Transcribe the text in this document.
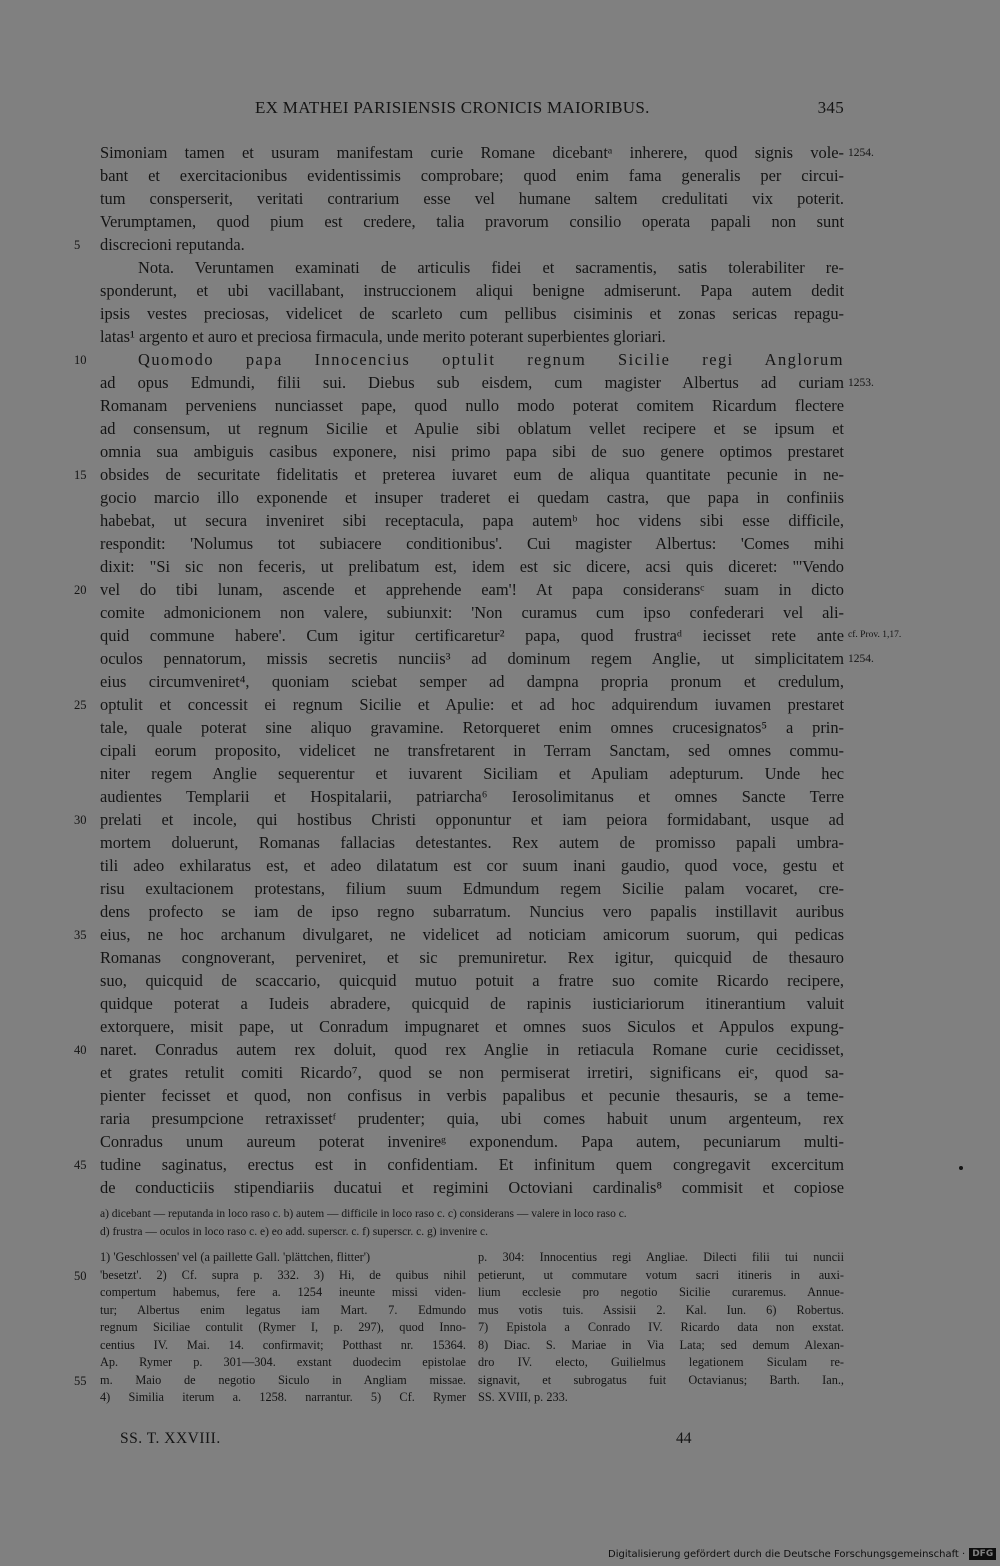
EX MATHEI PARISIENSIS CRONICIS MAIORIBUS.	345
Simoniam tamen et usuram manifestam curie Romane dicebantᵃ inherere, quod signis vole-
bant et exercitacionibus evidentissimis comprobare; quod enim fama generalis per circui-
tum consperserit, veritati contrarium esse vel humane saltem credulitati vix poterit.
Verumptamen, quod pium est credere, talia pravorum consilio operata papali non sunt
discrecioni reputanda.
Nota. Veruntamen examinati de articulis fidei et sacramentis, satis tolerabiliter re-
sponderunt, et ubi vacillabant, instruccionem aliqui benigne admiserunt. Papa autem dedit
ipsis vestes preciosas, videlicet de scarleto cum pellibus cisiminis et zonas sericas repagu-
latas¹ argento et auro et preciosa firmacula, unde merito poterant superbientes gloriari.
Quomodo papa Innocencius optulit regnum Sicilie regi Anglorum
ad opus Edmundi, filii sui. Diebus sub eisdem, cum magister Albertus ad curiam
Romanam perveniens nunciasset pape, quod nullo modo poterat comitem Ricardum flectere
ad consensum, ut regnum Sicilie et Apulie sibi oblatum vellet recipere et se ipsum et
omnia sua ambiguis casibus exponere, nisi primo papa sibi de suo genere optimos prestaret
obsides de securitate fidelitatis et preterea iuvaret eum de aliqua quantitate pecunie in ne-
gocio marcio illo exponende et insuper traderet ei quedam castra, que papa in confiniis
habebat, ut secura inveniret sibi receptacula, papa autemᵇ hoc videns sibi esse difficile,
respondit: 'Nolumus tot subiacere conditionibus'. Cui magister Albertus: 'Comes mihi
dixit: "Si sic non feceris, ut prelibatum est, idem est sic dicere, acsi quis diceret: "'Vendo
vel do tibi lunam, ascende et apprehende eam'! At papa consideransᶜ suam in dicto
comite admonicionem non valere, subiunxit: 'Non curamus cum ipso confederari vel ali-
quid commune habere'. Cum igitur certificaretur² papa, quod frustraᵈ iecisset rete ante
oculos pennatorum, missis secretis nunciis³ ad dominum regem Anglie, ut simplicitatem
eius circumveniret⁴, quoniam sciebat semper ad dampna propria pronum et credulum,
optulit et concessit ei regnum Sicilie et Apulie: et ad hoc adquirendum iuvamen prestaret
tale, quale poterat sine aliquo gravamine. Retorqueret enim omnes crucesignatos⁵ a prin-
cipali eorum proposito, videlicet ne transfretarent in Terram Sanctam, sed omnes commu-
niter regem Anglie sequerentur et iuvarent Siciliam et Apuliam adepturum. Unde hec
audientes Templarii et Hospitalarii, patriarcha⁶ Ierosolimitanus et omnes Sancte Terre
prelati et incole, qui hostibus Christi opponuntur et iam peiora formidabant, usque ad
mortem doluerunt, Romanas fallacias detestantes. Rex autem de promisso papali umbra-
tili adeo exhilaratus est, et adeo dilatatum est cor suum inani gaudio, quod voce, gestu et
risu exultacionem protestans, filium suum Edmundum regem Sicilie palam vocaret, cre-
dens profecto se iam de ipso regno subarratum. Nuncius vero papalis instillavit auribus
eius, ne hoc archanum divulgaret, ne videlicet ad noticiam amicorum suorum, qui pedicas
Romanas congnoverant, perveniret, et sic premuniretur. Rex igitur, quicquid de thesauro
suo, quicquid de scaccario, quicquid mutuo potuit a fratre suo comite Ricardo recipere,
quidque poterat a Iudeis abradere, quicquid de rapinis iusticiariorum itinerantium valuit
extorquere, misit pape, ut Conradum impugnaret et omnes suos Siculos et Appulos expung-
naret. Conradus autem rex doluit, quod rex Anglie in retiacula Romane curie cecidisset,
et grates retulit comiti Ricardo⁷, quod se non permiserat irretiri, significans eiᵉ, quod sa-
pienter fecisset et quod, non confisus in verbis papalibus et pecunie thesauris, se a teme-
raria presumpcione retraxissetᶠ prudenter; quia, ubi comes habuit unum argenteum, rex
Conradus unum aureum poterat invenireᵍ exponendum. Papa autem, pecuniarum multi-
tudine saginatus, erectus est in confidentiam. Et infinitum quem congregavit excercitum
de conducticiis stipendiariis ducatui et regimini Octoviani cardinalis⁸ commisit et copiose
5
10
15
20
25
30
35
40
45
1254.
1253.
cf. Prov. 1,17.
1254.
a) dicebant — reputanda in loco raso c. b) autem — difficile in loco raso c. c) considerans — valere in loco raso c.
d) frustra — oculos in loco raso c. e) eo add. superscr. c. f) superscr. c. g) invenire c.
1) 'Geschlossen' vel (a paillette Gall. 'plättchen, flitter')
'besetzt'. 2) Cf. supra p. 332. 3) Hi, de quibus nihil
compertum habemus, fere a. 1254 ineunte missi viden-
tur; Albertus enim legatus iam Mart. 7. Edmundo
regnum Siciliae contulit (Rymer I, p. 297), quod Inno-
centius IV. Mai. 14. confirmavit; Potthast nr. 15364.
Ap. Rymer p. 301—304. exstant duodecim epistolae
m. Maio de negotio Siculo in Angliam missae.
4) Similia iterum a. 1258. narrantur. 5) Cf. Rymer
p. 304: Innocentius regi Angliae. Dilecti filii tui nuncii
petierunt, ut commutare votum sacri itineris in auxi-
lium ecclesie pro negotio Sicilie curaremus. Annue-
mus votis tuis. Assisii 2. Kal. Iun. 6) Robertus.
7) Epistola a Conrado IV. Ricardo data non exstat.
8) Diac. S. Mariae in Via Lata; sed demum Alexan-
dro IV. electo, Guilielmus legationem Siculam re-
signavit, et subrogatus fuit Octavianus; Barth. Ian.,
SS. XVIII, p. 233.
50
55
SS. T. XXVIII.	44
Digitalisierung gefördert durch die Deutsche Forschungsgemeinschaft · DFG
